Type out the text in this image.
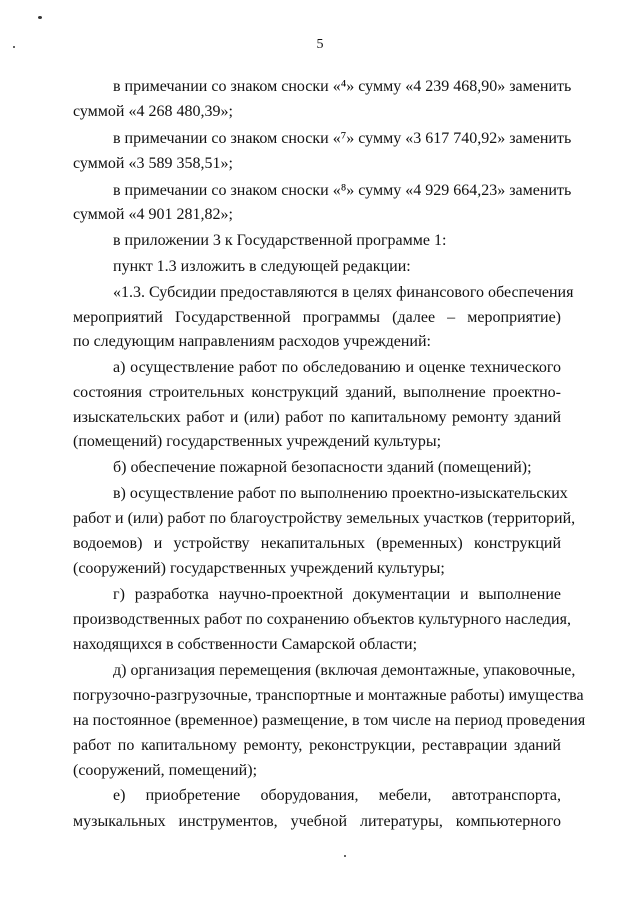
5
в примечании со знаком сноски «⁴» сумму «4 239 468,90» заменить
суммой «4 268 480,39»;
в примечании со знаком сноски «⁷» сумму «3 617 740,92» заменить
суммой «3 589 358,51»;
в примечании со знаком сноски «⁸» сумму «4 929 664,23» заменить
суммой «4 901 281,82»;
в приложении 3 к Государственной программе 1:
пункт 1.3 изложить в следующей редакции:
«1.3. Субсидии предоставляются в целях финансового обеспечения
мероприятий Государственной программы (далее – мероприятие)
по следующим направлениям расходов учреждений:
а) осуществление работ по обследованию и оценке технического
состояния строительных конструкций зданий, выполнение проектно-
изыскательских работ и (или) работ по капитальному ремонту зданий
(помещений) государственных учреждений культуры;
б) обеспечение пожарной безопасности зданий (помещений);
в) осуществление работ по выполнению проектно-изыскательских
работ и (или) работ по благоустройству земельных участков (территорий,
водоемов) и устройству некапитальных (временных) конструкций
(сооружений) государственных учреждений культуры;
г) разработка научно-проектной документации и выполнение
производственных работ по сохранению объектов культурного наследия,
находящихся в собственности Самарской области;
д) организация перемещения (включая демонтажные, упаковочные,
погрузочно-разгрузочные, транспортные и монтажные работы) имущества
на постоянное (временное) размещение, в том числе на период проведения
работ по капитальному ремонту, реконструкции, реставрации зданий
(сооружений, помещений);
е) приобретение оборудования, мебели, автотранспорта,
музыкальных инструментов, учебной литературы, компьютерного
